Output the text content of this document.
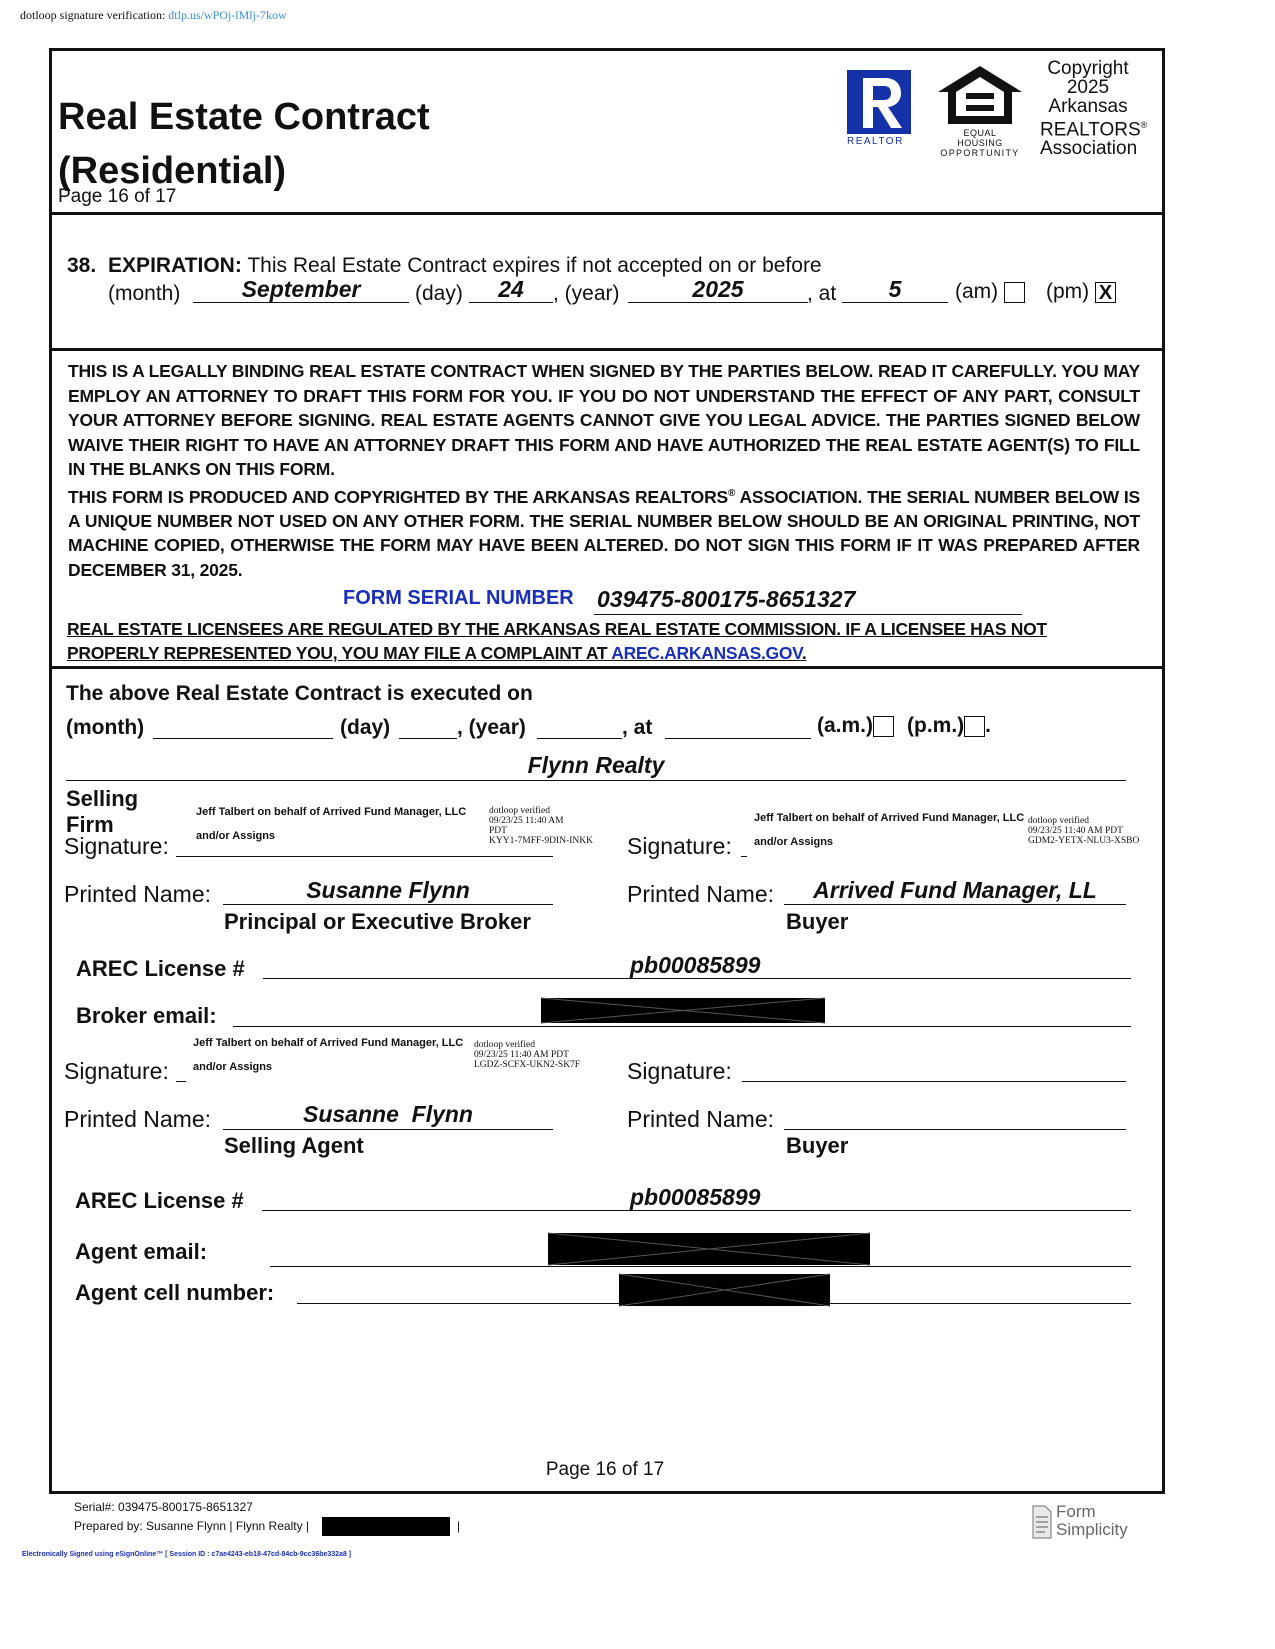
dotloop signature verification: dtlp.us/wPOj-lMlj-7kow
Real Estate Contract
(Residential)
Page 16 of 17
REALTOR
EQUAL HOUSING
OPPORTUNITY
Copyright
2025
Arkansas
REALTORS®
Association
38. EXPIRATION: This Real Estate Contract expires if not accepted on or before
(month)	September	(day)	24	, (year)	2025	, at	5	(am)	(pm) X

THIS IS A LEGALLY BINDING REAL ESTATE CONTRACT WHEN SIGNED BY THE PARTIES BELOW. READ IT CAREFULLY. YOU MAY EMPLOY AN ATTORNEY TO DRAFT THIS FORM FOR YOU. IF YOU DO NOT UNDERSTAND THE EFFECT OF ANY PART, CONSULT YOUR ATTORNEY BEFORE SIGNING. REAL ESTATE AGENTS CANNOT GIVE YOU LEGAL ADVICE. THE PARTIES SIGNED BELOW WAIVE THEIR RIGHT TO HAVE AN ATTORNEY DRAFT THIS FORM AND HAVE AUTHORIZED THE REAL ESTATE AGENT(S) TO FILL IN THE BLANKS ON THIS FORM.

THIS FORM IS PRODUCED AND COPYRIGHTED BY THE ARKANSAS REALTORS® ASSOCIATION. THE SERIAL NUMBER BELOW IS A UNIQUE NUMBER NOT USED ON ANY OTHER FORM. THE SERIAL NUMBER BELOW SHOULD BE AN ORIGINAL PRINTING, NOT MACHINE COPIED, OTHERWISE THE FORM MAY HAVE BEEN ALTERED. DO NOT SIGN THIS FORM IF IT WAS PREPARED AFTER DECEMBER 31, 2025.

FORM SERIAL NUMBER 039475-800175-8651327
REAL ESTATE LICENSEES ARE REGULATED BY THE ARKANSAS REAL ESTATE COMMISSION. IF A LICENSEE HAS NOT
PROPERLY REPRESENTED YOU, YOU MAY FILE A COMPLAINT AT AREC.ARKANSAS.GOV.
The above Real Estate Contract is executed on
(month)	(day)	, (year)	, at	(a.m.)	(p.m.) .
Flynn Realty
Selling Firm	Jeff Talbert on behalf of Arrived Fund Manager, LLC
and/or Assigns
dotloop verified
09/23/25 11:40 AM
PDT
KYY1-7MFF-9DIN-INKK
Signature:
Jeff Talbert on behalf of Arrived Fund Manager, LLC
and/or Assigns
dotloop verified
09/23/25 11:40 AM PDT
GDM2-YETX-NLU3-XSBO
Signature:
Printed Name:	Susanne Flynn
Principal or Executive Broker
Printed Name:	Arrived Fund Manager, LL
Buyer
AREC License #	pb00085899
Broker email:
Jeff Talbert on behalf of Arrived Fund Manager, LLC
and/or Assigns
dotloop verified
09/23/25 11:40 AM PDT
LGDZ-SCFX-UKN2-SK7F
Signature:	Signature:
Printed Name:	Susanne  Flynn
Selling Agent
Printed Name:
Buyer
AREC License #	pb00085899
Agent email:
Agent cell number:
Page 16 of 17
Serial#: 039475-800175-8651327
Prepared by: Susanne Flynn | Flynn Realty |	|
Form
Simplicity
Electronically Signed using eSignOnline™ [ Session ID : c7ae4243-eb18-47cd-84cb-9cc36be332a8 ]
